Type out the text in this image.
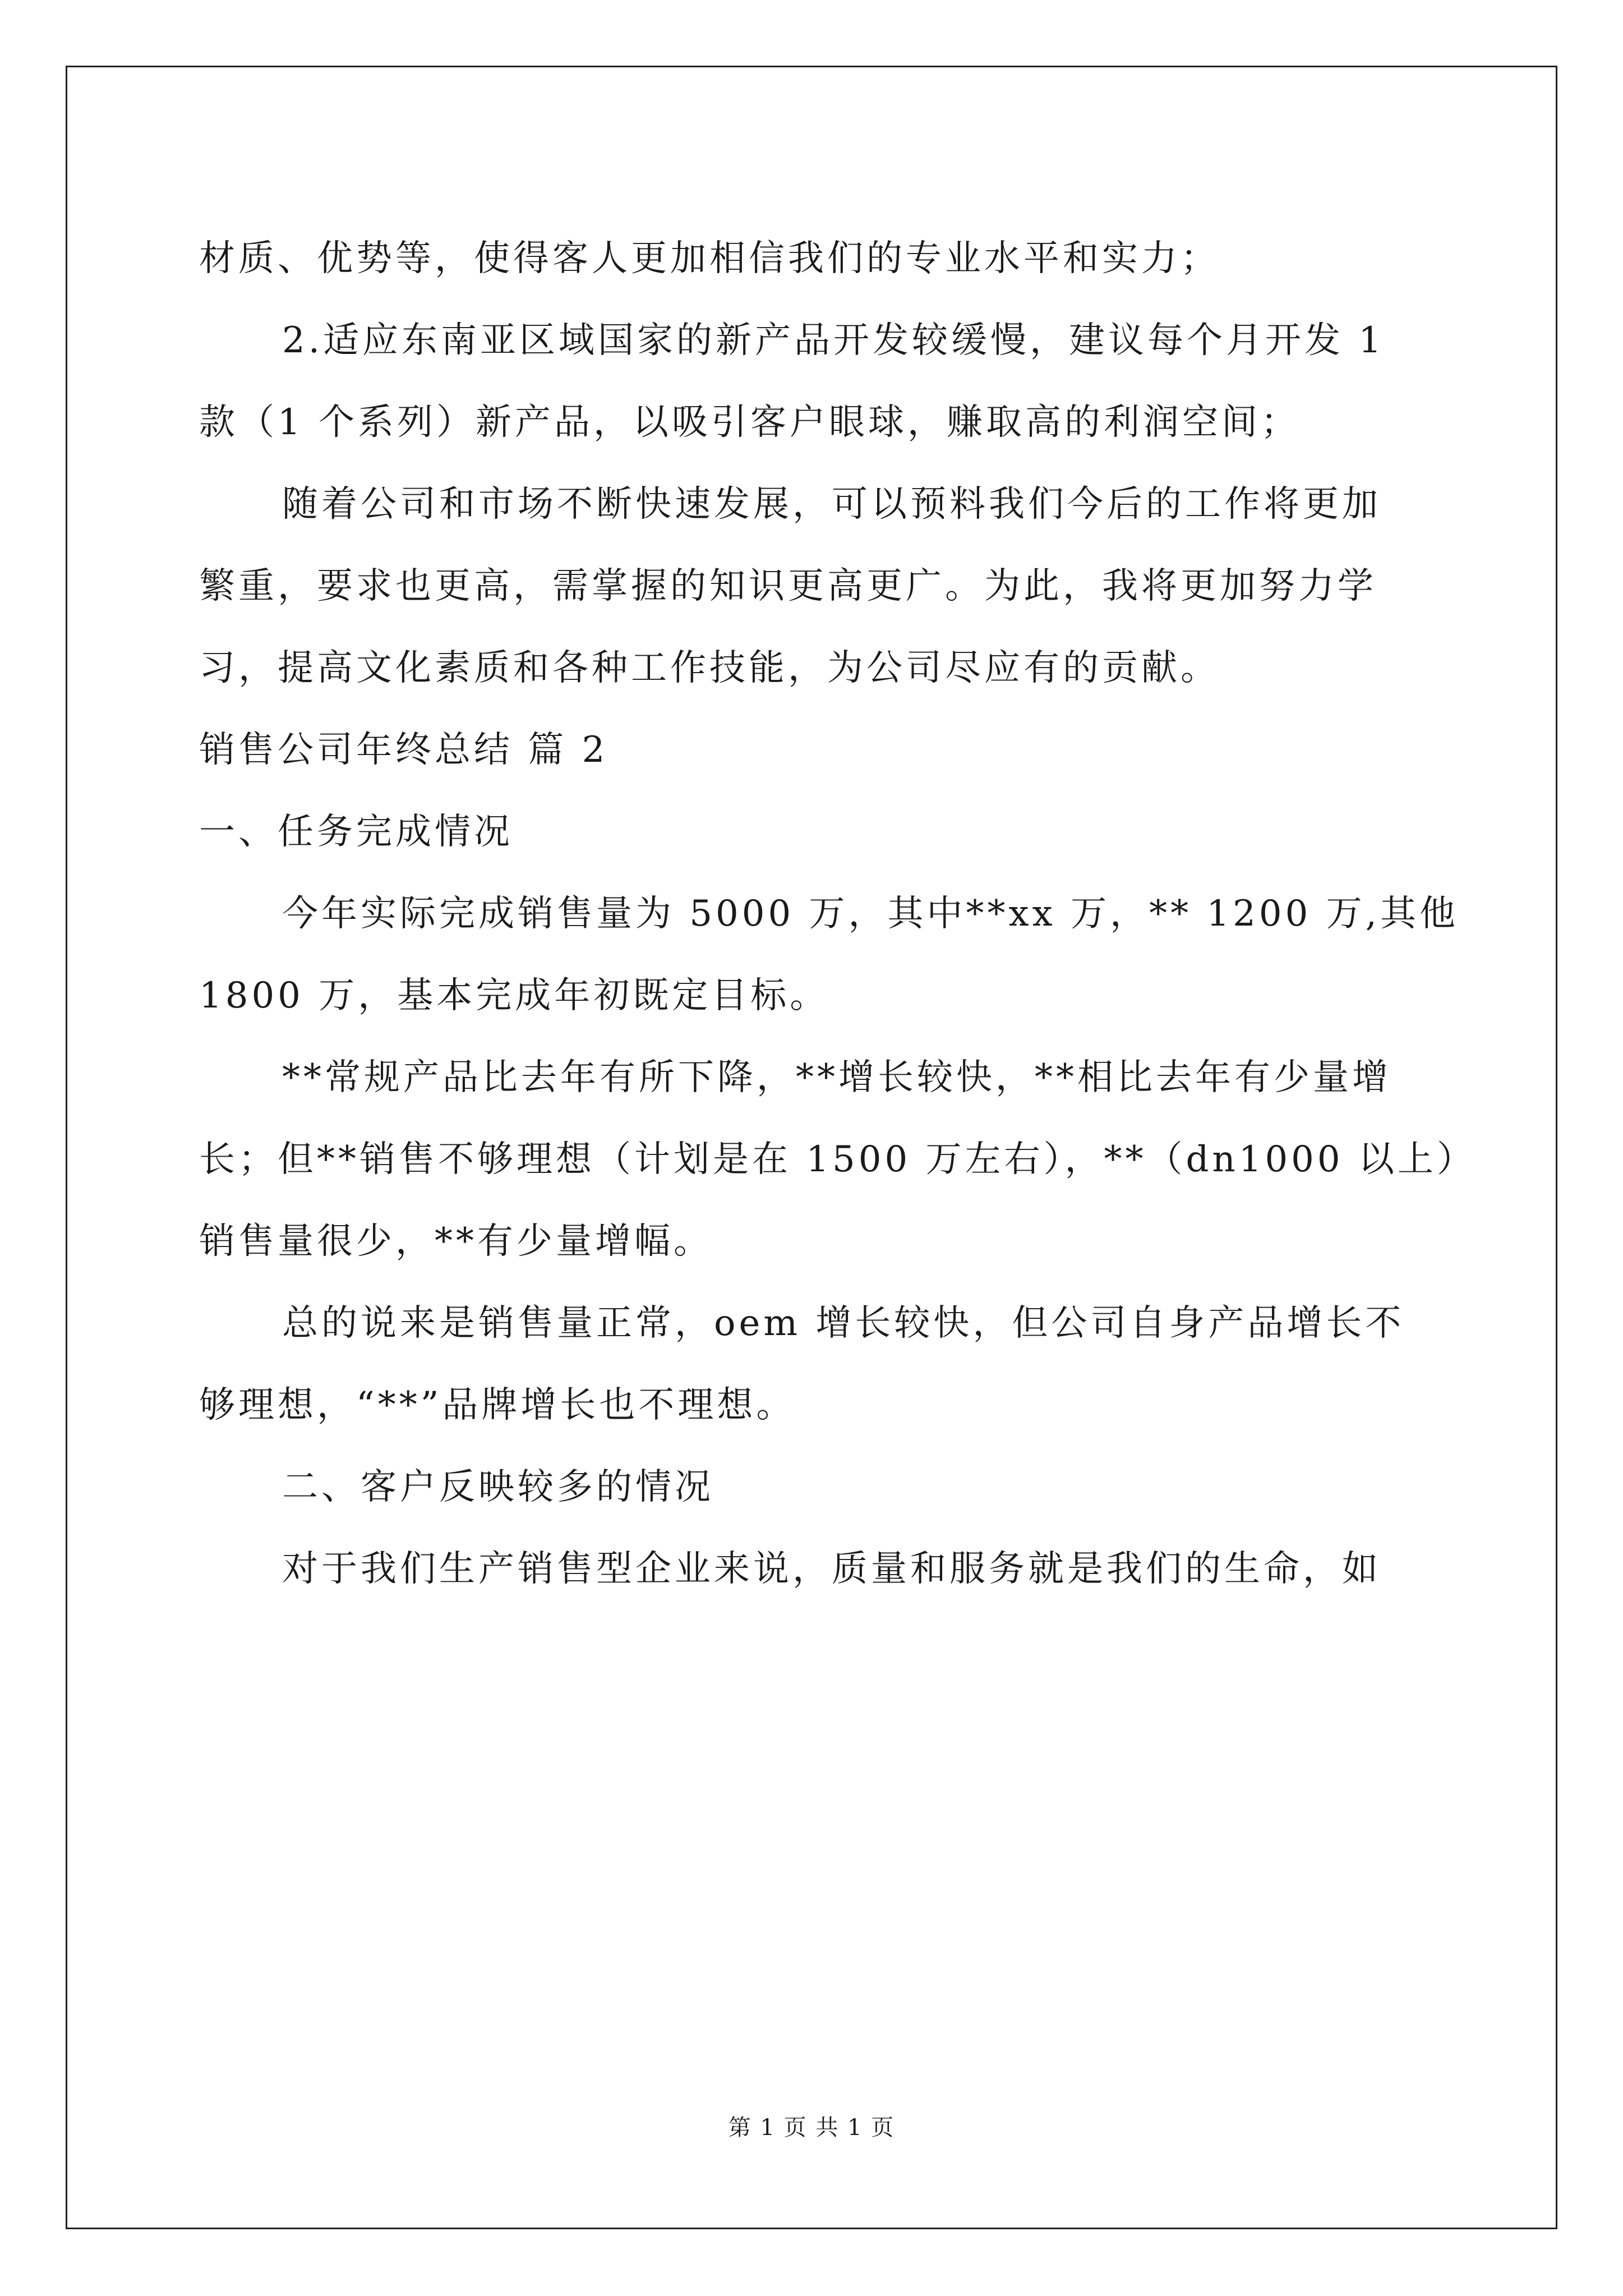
材质、优势等，使得客人更加相信我们的专业水平和实力；
2.适应东南亚区域国家的新产品开发较缓慢，建议每个月开发 1
款（1 个系列）新产品，以吸引客户眼球，赚取高的利润空间；
随着公司和市场不断快速发展，可以预料我们今后的工作将更加
繁重，要求也更高，需掌握的知识更高更广。为此，我将更加努力学
习，提高文化素质和各种工作技能，为公司尽应有的贡献。
销售公司年终总结 篇 2
一、任务完成情况
今年实际完成销售量为 5000 万，其中**xx 万，** 1200 万,其他
1800 万，基本完成年初既定目标。
**常规产品比去年有所下降，**增长较快，**相比去年有少量增
长；但**销售不够理想（计划是在 1500 万左右），**（dn1000 以上）
销售量很少，**有少量增幅。
总的说来是销售量正常，oem 增长较快，但公司自身产品增长不
够理想，“**”品牌增长也不理想。
二、客户反映较多的情况
对于我们生产销售型企业来说，质量和服务就是我们的生命，如
第 1 页 共 1 页
